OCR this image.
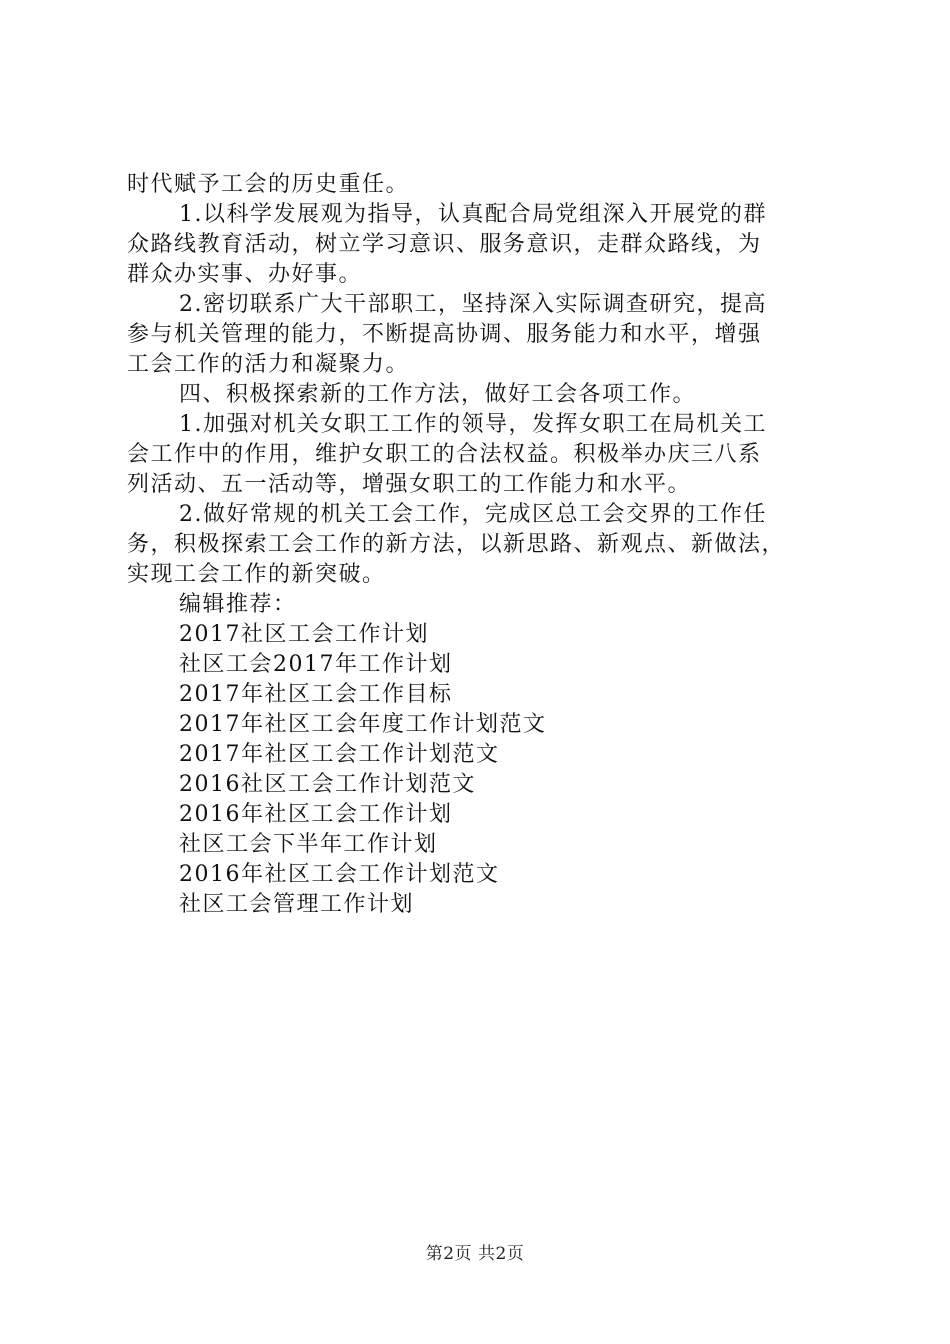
时代赋予工会的历史重任。

1.以科学发展观为指导，认真配合局党组深入开展党的群

众路线教育活动，树立学习意识、服务意识，走群众路线，为

群众办实事、办好事。

2.密切联系广大干部职工，坚持深入实际调查研究，提高

参与机关管理的能力，不断提高协调、服务能力和水平，增强

工会工作的活力和凝聚力。

四、积极探索新的工作方法，做好工会各项工作。

1.加强对机关女职工工作的领导，发挥女职工在局机关工

会工作中的作用，维护女职工的合法权益。积极举办庆三八系

列活动、五一活动等，增强女职工的工作能力和水平。

2.做好常规的机关工会工作，完成区总工会交界的工作任

务，积极探索工会工作的新方法，以新思路、新观点、新做法，

实现工会工作的新突破。

编辑推荐：

2017社区工会工作计划
社区工会2017年工作计划
2017年社区工会工作目标
2017年社区工会年度工作计划范文
2017年社区工会工作计划范文
2016社区工会工作计划范文
2016年社区工会工作计划
社区工会下半年工作计划
2016年社区工会工作计划范文
社区工会管理工作计划
第2页 共2页
